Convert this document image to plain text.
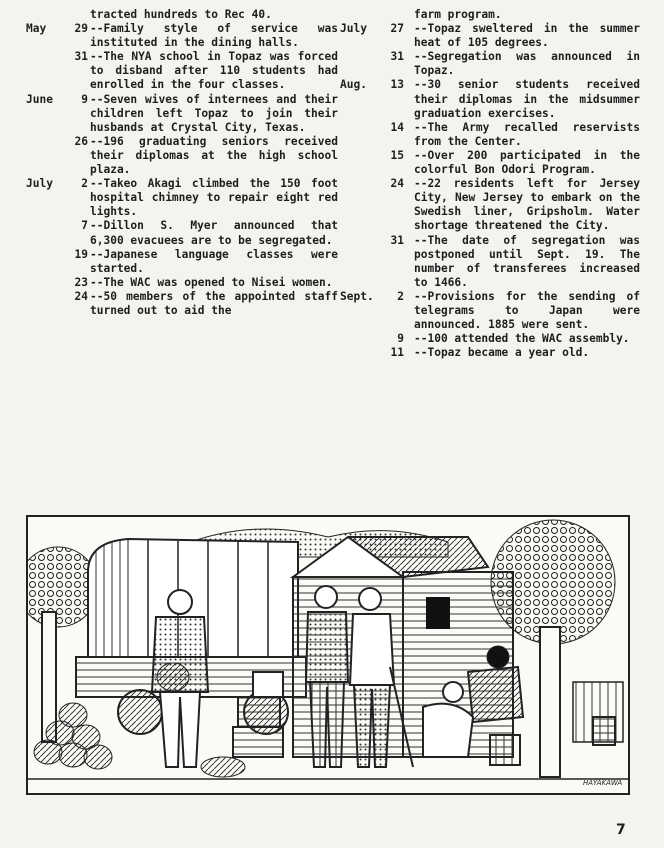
tracted hundreds to Rec 40.
May	29 --Family style of service was instituted in the dining halls.
31 --The NYA school in Topaz was forced to disband after 110 students had enrolled in the four classes.
June	9 --Seven wives of internees and their children left Topaz to join their husbands at Crystal City, Texas.
26 --196 graduating seniors received their diplomas at the high school plaza.
July	2 --Takeo Akagi climbed the 150 foot hospital chimney to repair eight red lights.
7 --Dillon S. Myer announced that 6,300 evacuees are to be segregated.
19 --Japanese language classes were started.
23 --The WAC was opened to Nisei women.
24 --50 members of the appointed staff turned out to aid the
farm program.
July	27 --Topaz sweltered in the summer heat of 105 degrees.
31 --Segregation was announced in Topaz.
Aug.	13 --30 senior students received their diplomas in the midsummer graduation exercises.
14 --The Army recalled reservists from the Center.
15 --Over 200 participated in the colorful Bon Odori Program.
24 --22 residents left for Jersey City, New Jersey to embark on the Swedish liner, Gripsholm. Water shortage threatened the City.
31 --The date of segregation was postponed until Sept. 19. The number of transferees increased to 1466.
Sept.	2 --Provisions for the sending of telegrams to Japan were announced. 1885 were sent.
9 --100 attended the WAC assembly.
11 --Topaz became a year old.
HAYAKAWA
7
